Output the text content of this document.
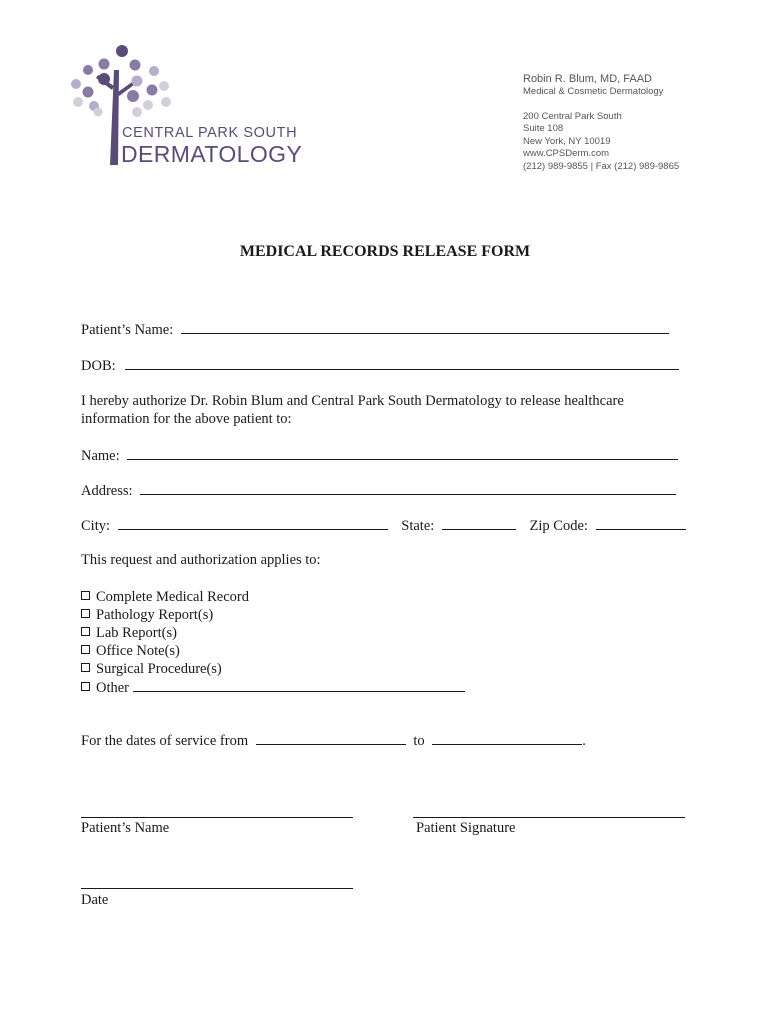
CENTRAL PARK SOUTH
DERMATOLOGY
Robin R. Blum, MD, FAAD
Medical & Cosmetic Dermatology
200 Central Park South
Suite 108
New York, NY 10019
www.CPSDerm.com
(212) 989-9855 | Fax (212) 989-9865
MEDICAL RECORDS RELEASE FORM
Patient’s Name:
DOB:
I hereby authorize Dr. Robin Blum and Central Park South Dermatology to release healthcare information for the above patient to:
Name:
Address:
City:	State:	Zip Code:
This request and authorization applies to:
Complete Medical Record
Pathology Report(s)
Lab Report(s)
Office Note(s)
Surgical Procedure(s)
Other
For the dates of service from	to	.
Patient’s Name	Patient Signature
Date
